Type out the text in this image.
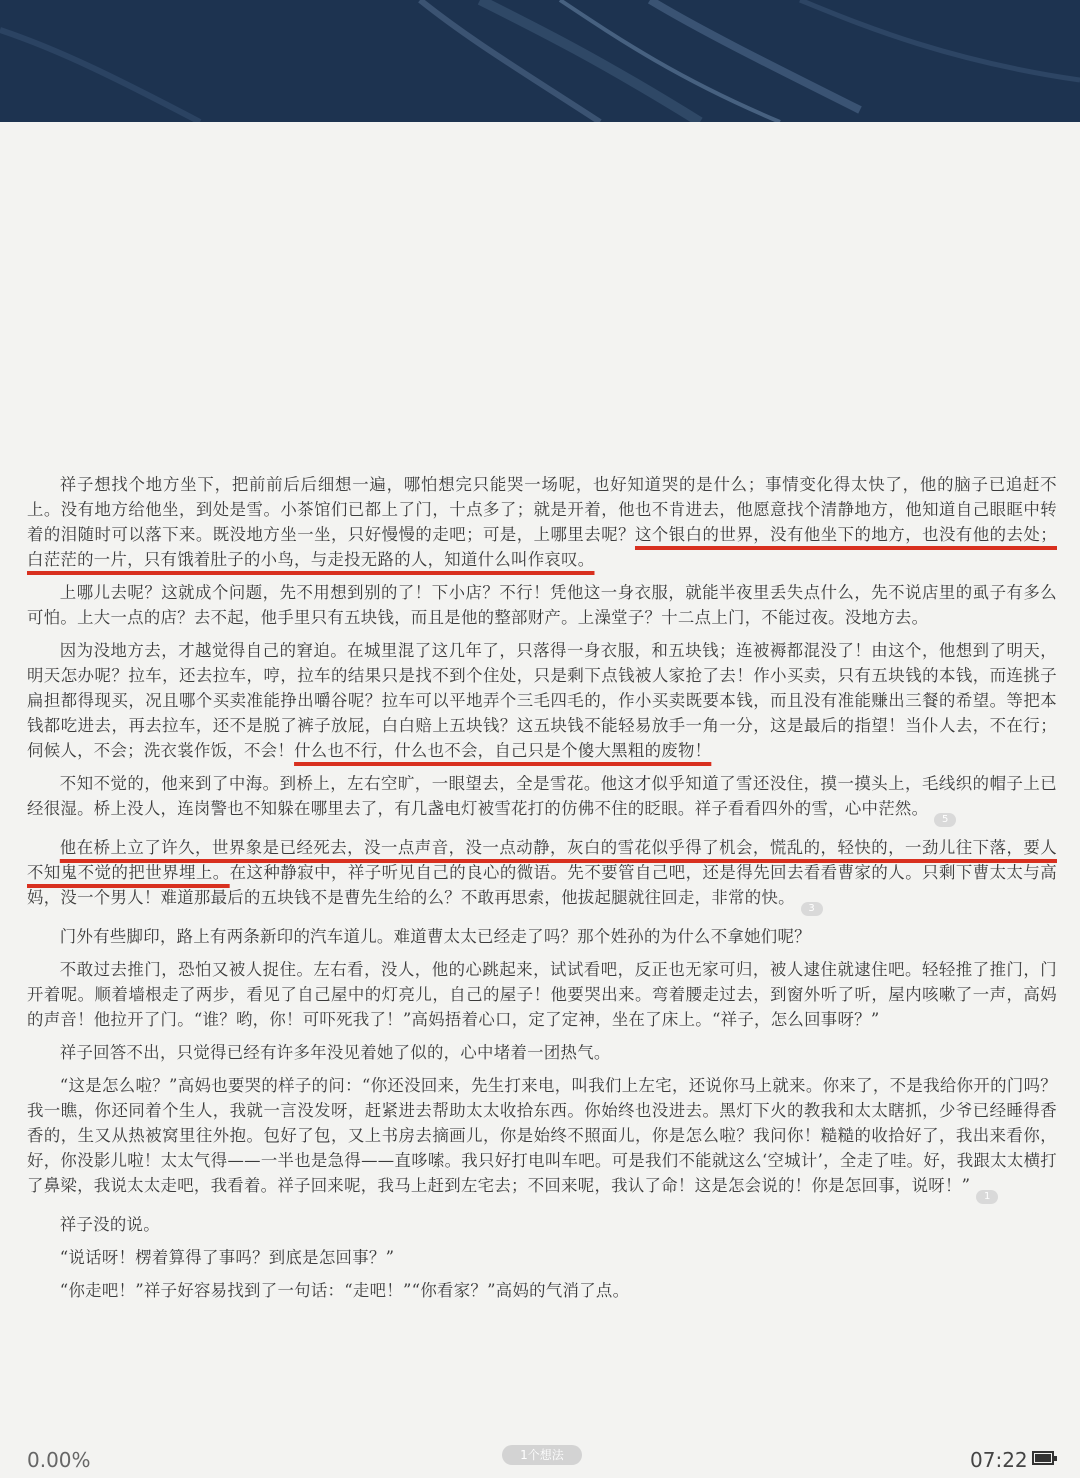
祥子想找个地方坐下，把前前后后细想一遍，哪怕想完只能哭一场呢，也好知道哭的是什么；事情变化得太快了，他的脑子已追赶不上。没有地方给他坐，到处是雪。小茶馆们已都上了门，十点多了；就是开着，他也不肯进去，他愿意找个清静地方，他知道自己眼眶中转着的泪随时可以落下来。既没地方坐一坐，只好慢慢的走吧；可是，上哪里去呢？这个银白的世界，没有他坐下的地方，也没有他的去处；白茫茫的一片，只有饿着肚子的小鸟，与走投无路的人，知道什么叫作哀叹。

上哪儿去呢？这就成个问题，先不用想到别的了！下小店？不行！凭他这一身衣服，就能半夜里丢失点什么，先不说店里的虱子有多么可怕。上大一点的店？去不起，他手里只有五块钱，而且是他的整部财产。上澡堂子？十二点上门，不能过夜。没地方去。

因为没地方去，才越觉得自己的窘迫。在城里混了这几年了，只落得一身衣服，和五块钱；连被褥都混没了！由这个，他想到了明天，明天怎办呢？拉车，还去拉车，哼，拉车的结果只是找不到个住处，只是剩下点钱被人家抢了去！作小买卖，只有五块钱的本钱，而连挑子扁担都得现买，况且哪个买卖准能挣出嚼谷呢？拉车可以平地弄个三毛四毛的，作小买卖既要本钱，而且没有准能赚出三餐的希望。等把本钱都吃进去，再去拉车，还不是脱了裤子放屁，白白赔上五块钱？这五块钱不能轻易放手一角一分，这是最后的指望！当仆人去，不在行；伺候人，不会；洗衣裳作饭，不会！什么也不行，什么也不会，自己只是个傻大黑粗的废物！

不知不觉的，他来到了中海。到桥上，左右空旷，一眼望去，全是雪花。他这才似乎知道了雪还没住，摸一摸头上，毛线织的帽子上已经很湿。桥上没人，连岗警也不知躲在哪里去了，有几盏电灯被雪花打的仿佛不住的眨眼。祥子看看四外的雪，心中茫然。5

他在桥上立了许久，世界象是已经死去，没一点声音，没一点动静，灰白的雪花似乎得了机会，慌乱的，轻快的，一劲儿往下落，要人不知鬼不觉的把世界埋上。在这种静寂中，祥子听见自己的良心的微语。先不要管自己吧，还是得先回去看看曹家的人。只剩下曹太太与高妈，没一个男人！难道那最后的五块钱不是曹先生给的么？不敢再思索，他拔起腿就往回走，非常的快。3

门外有些脚印，路上有两条新印的汽车道儿。难道曹太太已经走了吗？那个姓孙的为什么不拿她们呢？

不敢过去推门，恐怕又被人捉住。左右看，没人，他的心跳起来，试试看吧，反正也无家可归，被人逮住就逮住吧。轻轻推了推门，门开着呢。顺着墙根走了两步，看见了自己屋中的灯亮儿，自己的屋子！他要哭出来。弯着腰走过去，到窗外听了听，屋内咳嗽了一声，高妈的声音！他拉开了门。“谁？哟，你！可吓死我了！”高妈捂着心口，定了定神，坐在了床上。“祥子，怎么回事呀？”

祥子回答不出，只觉得已经有许多年没见着她了似的，心中堵着一团热气。

“这是怎么啦？”高妈也要哭的样子的问：“你还没回来，先生打来电，叫我们上左宅，还说你马上就来。你来了，不是我给你开的门吗？我一瞧，你还同着个生人，我就一言没发呀，赶紧进去帮助太太收拾东西。你始终也没进去。黑灯下火的教我和太太瞎抓，少爷已经睡得香香的，生又从热被窝里往外抱。包好了包，又上书房去摘画儿，你是始终不照面儿，你是怎么啦？我问你！糙糙的收拾好了，我出来看你，好，你没影儿啦！太太气得——一半也是急得——直哆嗦。我只好打电叫车吧。可是我们不能就这么‘空城计’，全走了哇。好，我跟太太横打了鼻梁，我说太太走吧，我看着。祥子回来呢，我马上赶到左宅去；不回来呢，我认了命！这是怎会说的！你是怎回事，说呀！”1

祥子没的说。

“说话呀！楞着算得了事吗？到底是怎回事？”

“你走吧！”祥子好容易找到了一句话：“走吧！”“你看家？”高妈的气消了点。

0.00%	1个想法	07:22
